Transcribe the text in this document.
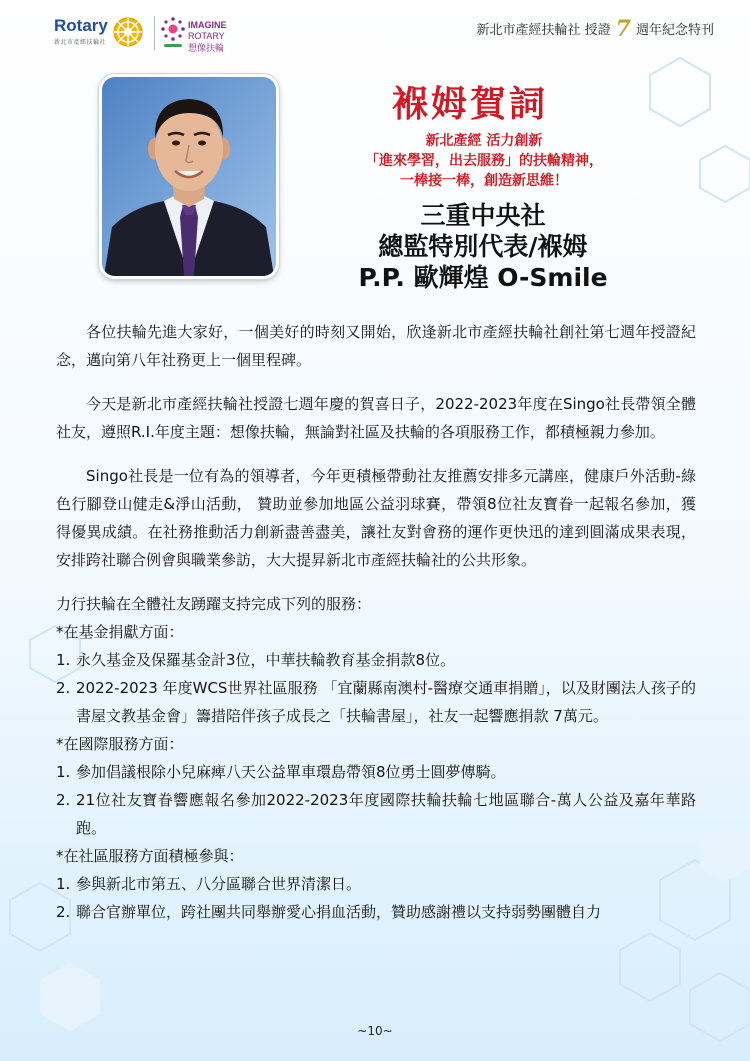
Rotary
新北市產經扶輪社
IMAGINE
ROTARY
想像扶輪
新北市產經扶輪社 授證 7 週年紀念特刊
褓姆賀詞
新北產經 活力創新
「進來學習，出去服務」的扶輪精神，
一棒接一棒，創造新思維！
三重中央社
總監特別代表/褓姆
P.P. 歐輝煌 O-Smile

各位扶輪先進大家好，一個美好的時刻又開始，欣逢新北市產經扶輪社創社第七週年授證紀念，邁向第八年社務更上一個里程碑。

今天是新北市產經扶輪社授證七週年慶的賀喜日子，2022-2023年度在Singo社長帶領全體社友，遵照R.I.年度主題：想像扶輪，無論對社區及扶輪的各項服務工作，都積極親力參加。

Singo社長是一位有為的領導者，今年更積極帶動社友推薦安排多元講座，健康戶外活動-綠色行腳登山健走&淨山活動， 贊助並參加地區公益羽球賽，帶領8位社友寶眷一起報名參加，獲得優異成績。在社務推動活力創新盡善盡美，讓社友對會務的運作更快迅的達到圓滿成果表現，安排跨社聯合例會與職業參訪，大大提昇新北市產經扶輪社的公共形象。

力行扶輪在全體社友踴躍支持完成下列的服務：
*在基金捐獻方面：
1. 永久基金及保羅基金計3位，中華扶輪教育基金捐款8位。
2. 2022-2023 年度WCS世界社區服務 「宜蘭縣南澳村-醫療交通車捐贈」，以及財團法人孩子的書屋文教基金會」籌措陪伴孩子成長之「扶輪書屋」，社友一起響應捐款 7萬元。
*在國際服務方面：
1. 參加倡議根除小兒麻痺八天公益單車環島帶領8位勇士圓夢傳騎。
2. 21位社友寶眷響應報名參加2022-2023年度國際扶輪扶輪七地區聯合-萬人公益及嘉年華路跑。
*在社區服務方面積極參與：
1. 參與新北市第五、八分區聯合世界清潔日。
2. 聯合官辦單位，跨社團共同舉辦愛心捐血活動，贊助感謝禮以支持弱勢團體自力
~10~
